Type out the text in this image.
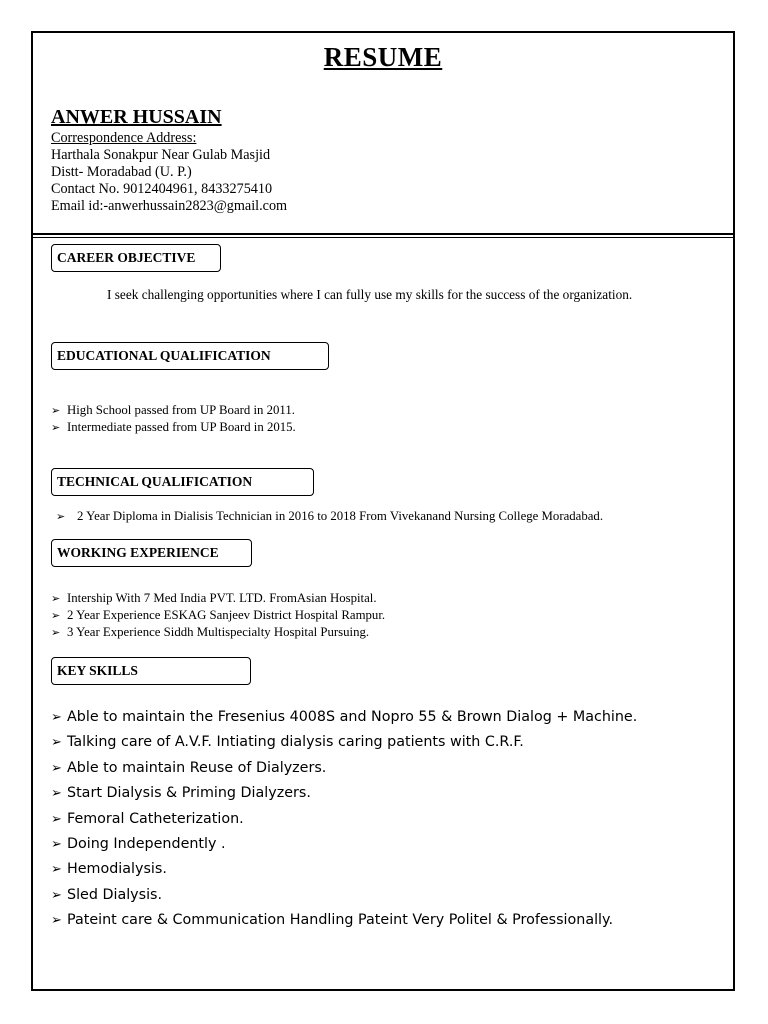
RESUME
ANWER HUSSAIN
Correspondence Address:
Harthala Sonakpur Near Gulab Masjid
Distt- Moradabad (U. P.)
Contact No. 9012404961, 8433275410
Email id:-anwerhussain2823@gmail.com
CAREER OBJECTIVE
I seek challenging opportunities where I can fully use my skills for the success of the organization.
EDUCATIONAL QUALIFICATION
➢ High School passed from UP Board in 2011.
➢ Intermediate passed from UP Board in 2015.
TECHNICAL QUALIFICATION
➢ 2 Year Diploma in Dialisis Technician in 2016 to 2018 From Vivekanand Nursing College Moradabad.
WORKING EXPERIENCE
➢ Intership With 7 Med India PVT. LTD. FromAsian Hospital.
➢ 2 Year Experience ESKAG Sanjeev District Hospital Rampur.
➢ 3 Year Experience Siddh Multispecialty Hospital Pursuing.
KEY SKILLS
➢ Able to maintain the Fresenius 4008S and Nopro 55 & Brown Dialog + Machine.
➢ Talking care of A.V.F. Intiating dialysis caring patients with C.R.F.
➢ Able to maintain Reuse of Dialyzers.
➢ Start Dialysis & Priming Dialyzers.
➢ Femoral Catheterization.
➢ Doing Independently .
➢ Hemodialysis.
➢ Sled Dialysis.
➢ Pateint care & Communication Handling Pateint Very Politel & Professionally.
